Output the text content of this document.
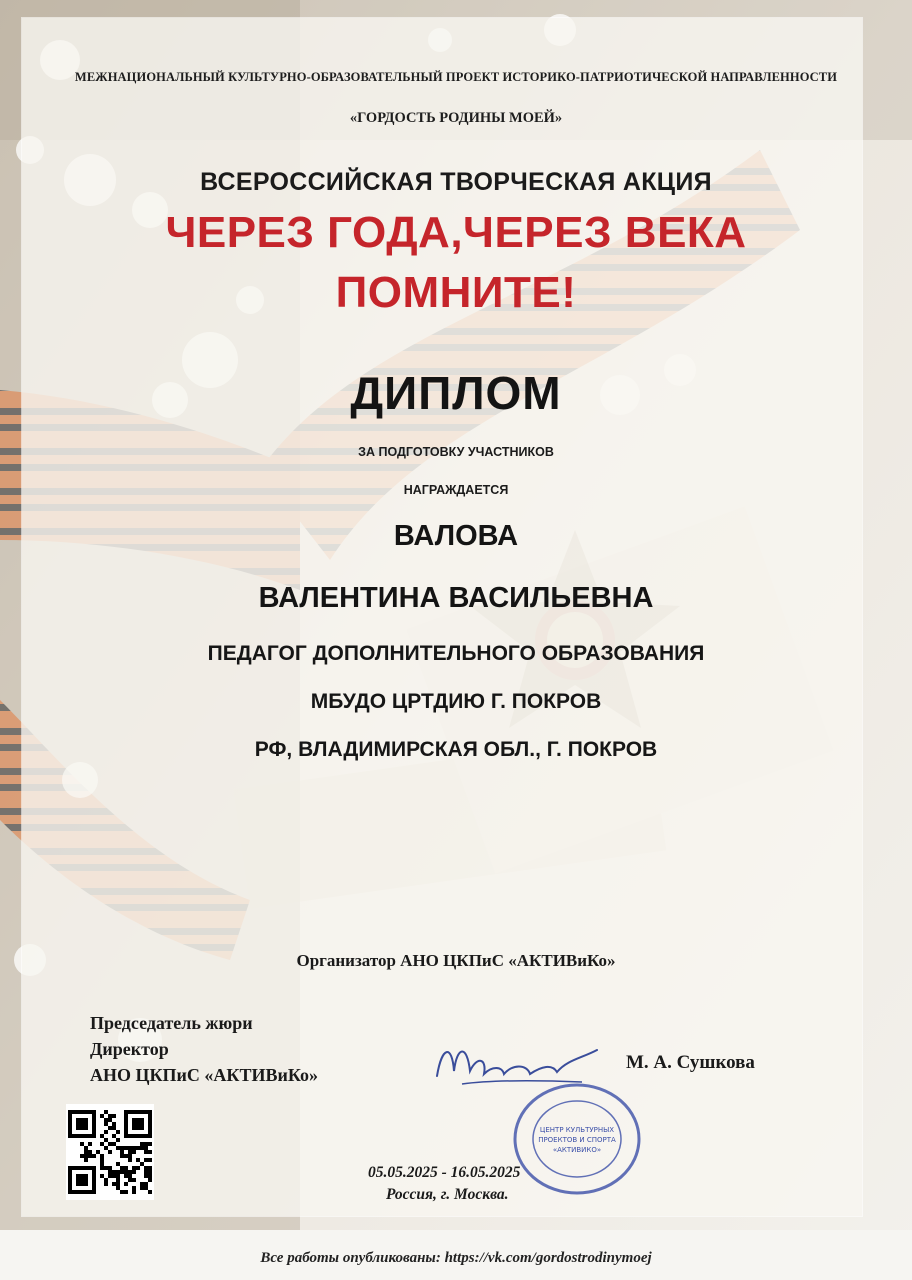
МЕЖНАЦИОНАЛЬНЫЙ КУЛЬТУРНО-ОБРАЗОВАТЕЛЬНЫЙ ПРОЕКТ ИСТОРИКО-ПАТРИОТИЧЕСКОЙ НАПРАВЛЕННОСТИ
«ГОРДОСТЬ РОДИНЫ МОЕЙ»
ВСЕРОССИЙСКАЯ ТВОРЧЕСКАЯ АКЦИЯ
ЧЕРЕЗ ГОДА,ЧЕРЕЗ ВЕКА
ПОМНИТЕ!
ДИПЛОМ
ЗА ПОДГОТОВКУ УЧАСТНИКОВ
НАГРАЖДАЕТСЯ
ВАЛОВА
ВАЛЕНТИНА ВАСИЛЬЕВНА
ПЕДАГОГ ДОПОЛНИТЕЛЬНОГО ОБРАЗОВАНИЯ
МБУДО ЦРТДИЮ Г. ПОКРОВ
РФ, ВЛАДИМИРСКАЯ ОБЛ., Г. ПОКРОВ
Организатор АНО ЦКПиС «АКТИВиКо»
Председатель жюри
Директор
АНО ЦКПиС «АКТИВиКо»
ЦЕНТР КУЛЬТУРНЫХ
ПРОЕКТОВ И СПОРТА
«АКТИВИКО»
М. А. Сушкова
05.05.2025 - 16.05.2025
Россия, г. Москва.
Все работы опубликованы: https://vk.com/gordostrodinymoej
